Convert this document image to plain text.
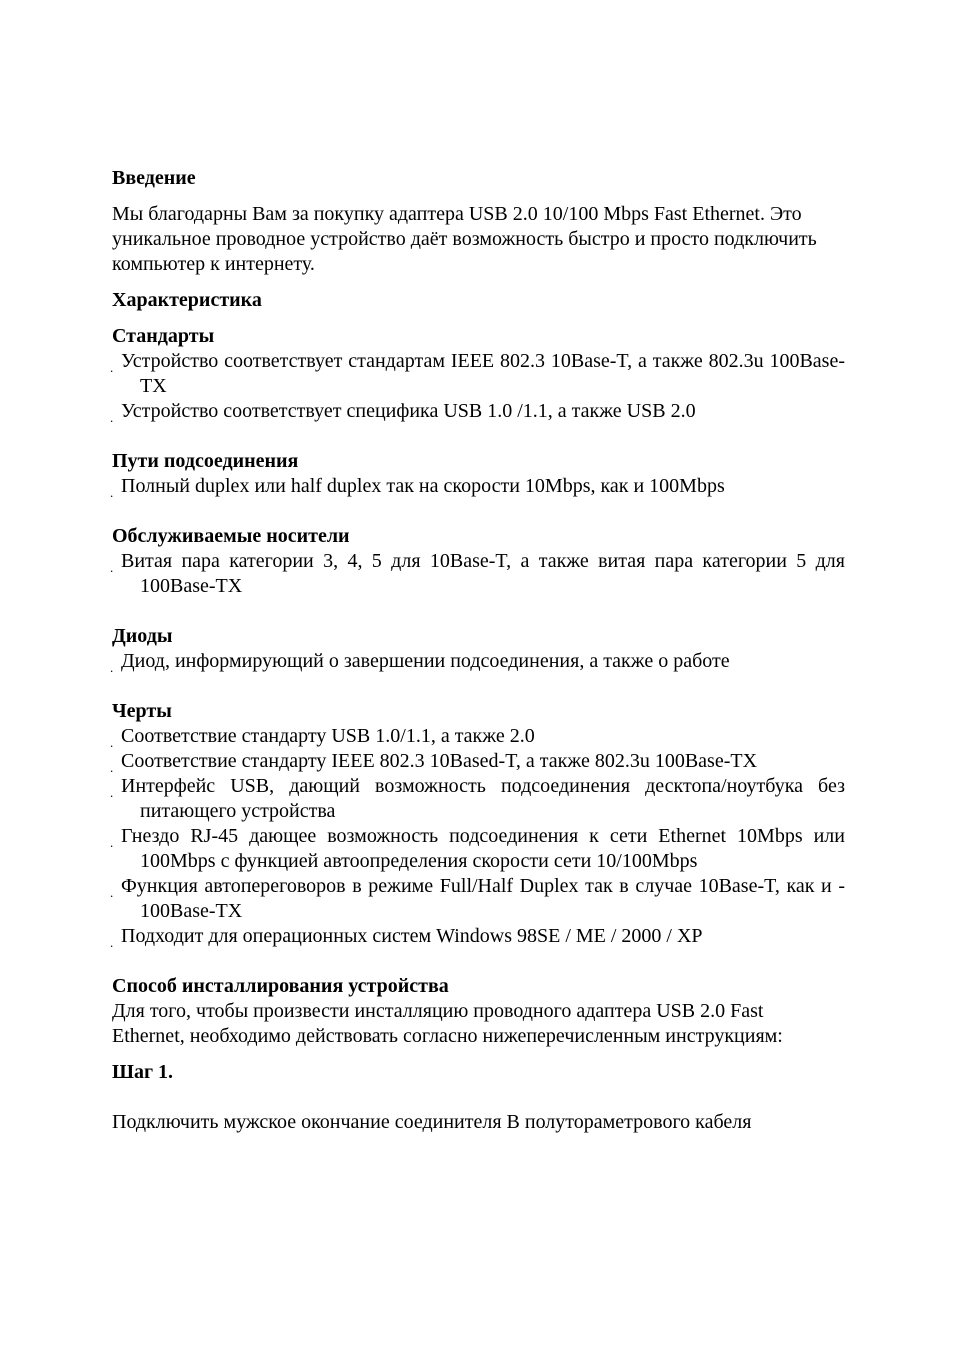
Введение
Мы благодарны Вам за покупку адаптера USB 2.0 10/100 Mbps Fast Ethernet. Это уникальное проводное устройство даёт возможность быстро и просто подключить компьютер к интернету.
Характеристика
Стандарты
. Устройство соответствует стандартам IEEE 802.3 10Base-T, а также 802.3u 100Base-TX
. Устройство соответствует специфика USB 1.0 /1.1, а также USB 2.0
Пути подсоединения
. Полный duplex или half duplex так на скорости 10Mbps, как и 100Mbps
Обслуживаемые носители
. Витая пара категории 3, 4, 5 для 10Base-T, а также витая пара категории 5 для 100Base-TX
Диоды
. Диод, информирующий о завершении подсоединения, а также о работе
Черты
. Соответствие стандарту USB 1.0/1.1, а также 2.0
. Соответствие стандарту IEEE 802.3 10Based-T, а также 802.3u 100Base-TX
. Интерфейс USB, дающий возможность подсоединения десктопа/ноутбука без питающего устройства
. Гнездо RJ-45 дающее возможность подсоединения к сети Ethernet 10Mbps или 100Mbps с функцией автоопределения скорости сети 10/100Mbps
. Функция автопереговоров в режиме Full/Half Duplex так в случае 10Base-T, как и - 100Base-TX
. Подходит для операционных систем Windows 98SE / ME / 2000 / XP
Способ инсталлирования устройства
Для того, чтобы произвести инсталляцию проводного адаптера USB 2.0 Fast Ethernet, необходимо действовать согласно нижеперечисленным инструкциям:
Шаг 1.
Подключить мужское окончание соединителя В полутораметрового кабеля
